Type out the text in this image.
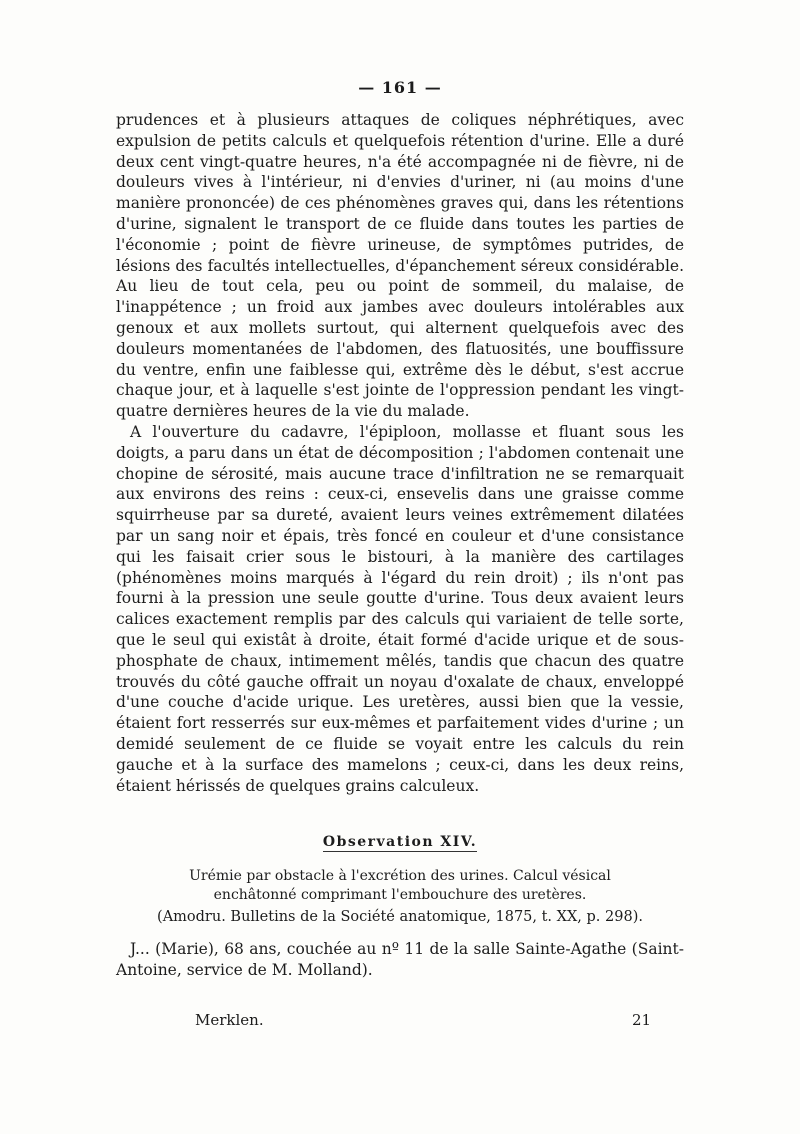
— 161 —

prudences et à plusieurs attaques de coliques néphrétiques, avec expulsion de petits calculs et quelquefois rétention d'urine. Elle a duré deux cent vingt-quatre heures, n'a été accompagnée ni de fièvre, ni de douleurs vives à l'intérieur, ni d'envies d'uriner, ni (au moins d'une manière prononcée) de ces phénomènes graves qui, dans les rétentions d'urine, signalent le transport de ce fluide dans toutes les parties de l'économie ; point de fièvre urineuse, de symptômes putrides, de lésions des facultés intellectuelles, d'épanchement séreux considérable. Au lieu de tout cela, peu ou point de sommeil, du malaise, de l'inappétence ; un froid aux jambes avec douleurs intolérables aux genoux et aux mollets surtout, qui alternent quelquefois avec des douleurs momentanées de l'abdomen, des flatuosités, une bouffissure du ventre, enfin une faiblesse qui, extrême dès le début, s'est accrue chaque jour, et à laquelle s'est jointe de l'oppression pendant les vingt-quatre dernières heures de la vie du malade.

A l'ouverture du cadavre, l'épiploon, mollasse et fluant sous les doigts, a paru dans un état de décomposition ; l'abdomen contenait une chopine de sérosité, mais aucune trace d'infiltration ne se remarquait aux environs des reins : ceux-ci, ensevelis dans une graisse comme squirrheuse par sa dureté, avaient leurs veines extrêmement dilatées par un sang noir et épais, très foncé en couleur et d'une consistance qui les faisait crier sous le bistouri, à la manière des cartilages (phénomènes moins marqués à l'égard du rein droit) ; ils n'ont pas fourni à la pression une seule goutte d'urine. Tous deux avaient leurs calices exactement remplis par des calculs qui variaient de telle sorte, que le seul qui existât à droite, était formé d'acide urique et de sous-phosphate de chaux, intimement mêlés, tandis que chacun des quatre trouvés du côté gauche offrait un noyau d'oxalate de chaux, enveloppé d'une couche d'acide urique. Les uretères, aussi bien que la vessie, étaient fort resserrés sur eux-mêmes et parfaitement vides d'urine ; un demidé seulement de ce fluide se voyait entre les calculs du rein gauche et à la surface des mamelons ; ceux-ci, dans les deux reins, étaient hérissés de quelques grains calculeux.

Observation XIV.
Urémie par obstacle à l'excrétion des urines. Calcul vésical enchâtonné comprimant l'embouchure des uretères.
(Amodru. Bulletins de la Société anatomique, 1875, t. XX, p. 298).
J... (Marie), 68 ans, couchée au nº 11 de la salle Sainte-Agathe (Saint-Antoine, service de M. Molland).
Merklen.	21
